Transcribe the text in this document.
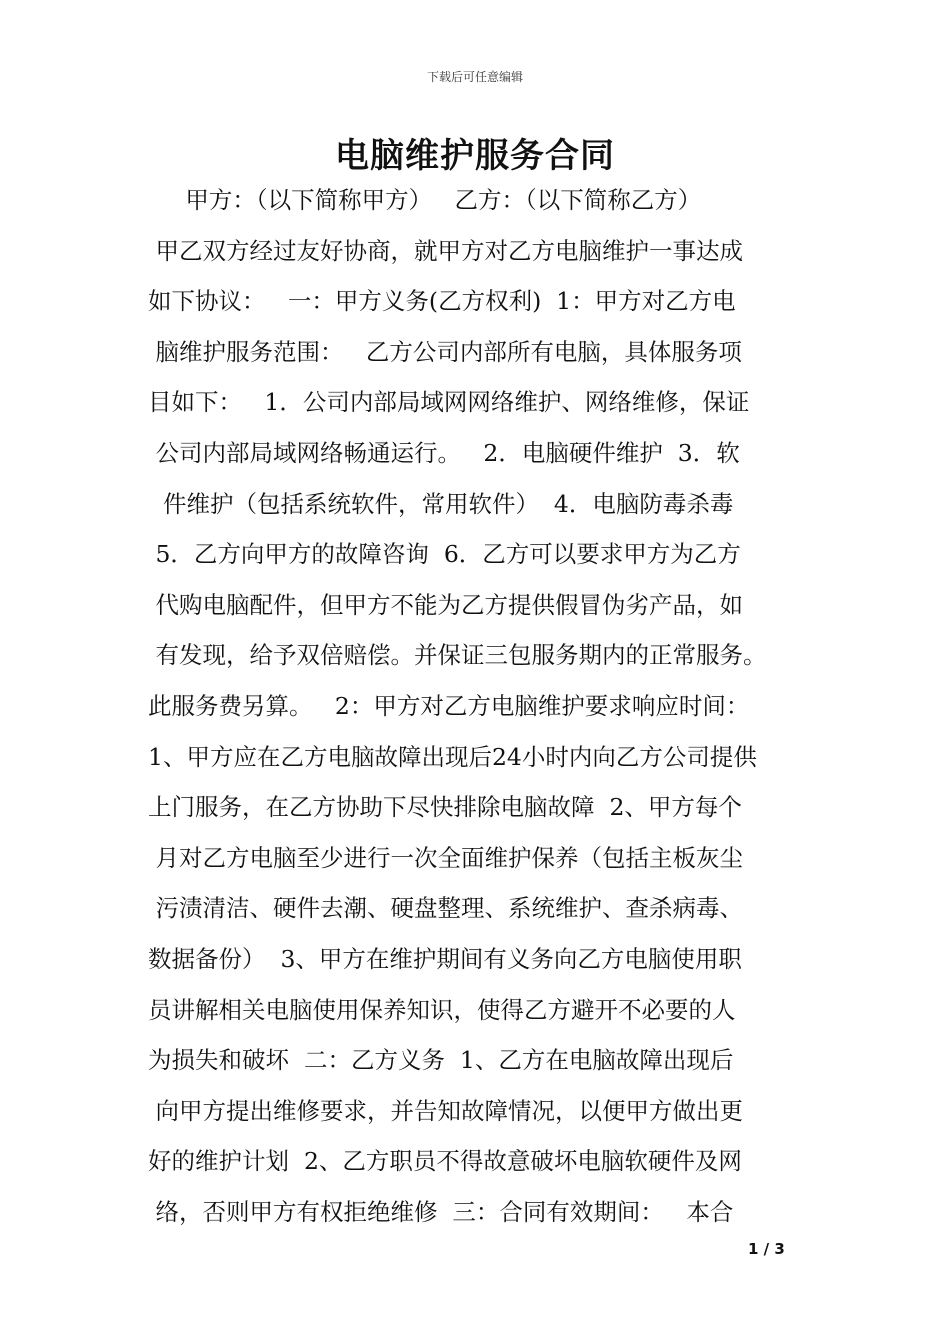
下载后可任意编辑
电脑维护服务合同
甲方：（以下简称甲方）   乙方：（以下简称乙方）
甲乙双方经过友好协商，就甲方对乙方电脑维护一事达成
如下协议：   一：甲方义务(乙方权利)  1：甲方对乙方电
脑维护服务范围：   乙方公司内部所有电脑，具体服务项
目如下：   1．公司内部局域网网络维护、网络维修，保证
公司内部局域网络畅通运行。   2．电脑硬件维护  3．软
件维护（包括系统软件，常用软件）  4．电脑防毒杀毒
5．乙方向甲方的故障咨询  6．乙方可以要求甲方为乙方
代购电脑配件，但甲方不能为乙方提供假冒伪劣产品，如
有发现，给予双倍赔偿。并保证三包服务期内的正常服务。
此服务费另算。   2：甲方对乙方电脑维护要求响应时间：
1、甲方应在乙方电脑故障出现后24小时内向乙方公司提供
上门服务，在乙方协助下尽快排除电脑故障  2、甲方每个
月对乙方电脑至少进行一次全面维护保养（包括主板灰尘
污渍清洁、硬件去潮、硬盘整理、系统维护、查杀病毒、
数据备份）  3、甲方在维护期间有义务向乙方电脑使用职
员讲解相关电脑使用保养知识，使得乙方避开不必要的人
为损失和破坏  二：乙方义务  1、乙方在电脑故障出现后
向甲方提出维修要求，并告知故障情况，以便甲方做出更
好的维护计划  2、乙方职员不得故意破坏电脑软硬件及网
络，否则甲方有权拒绝维修  三：合同有效期间：   本合
1 / 3
